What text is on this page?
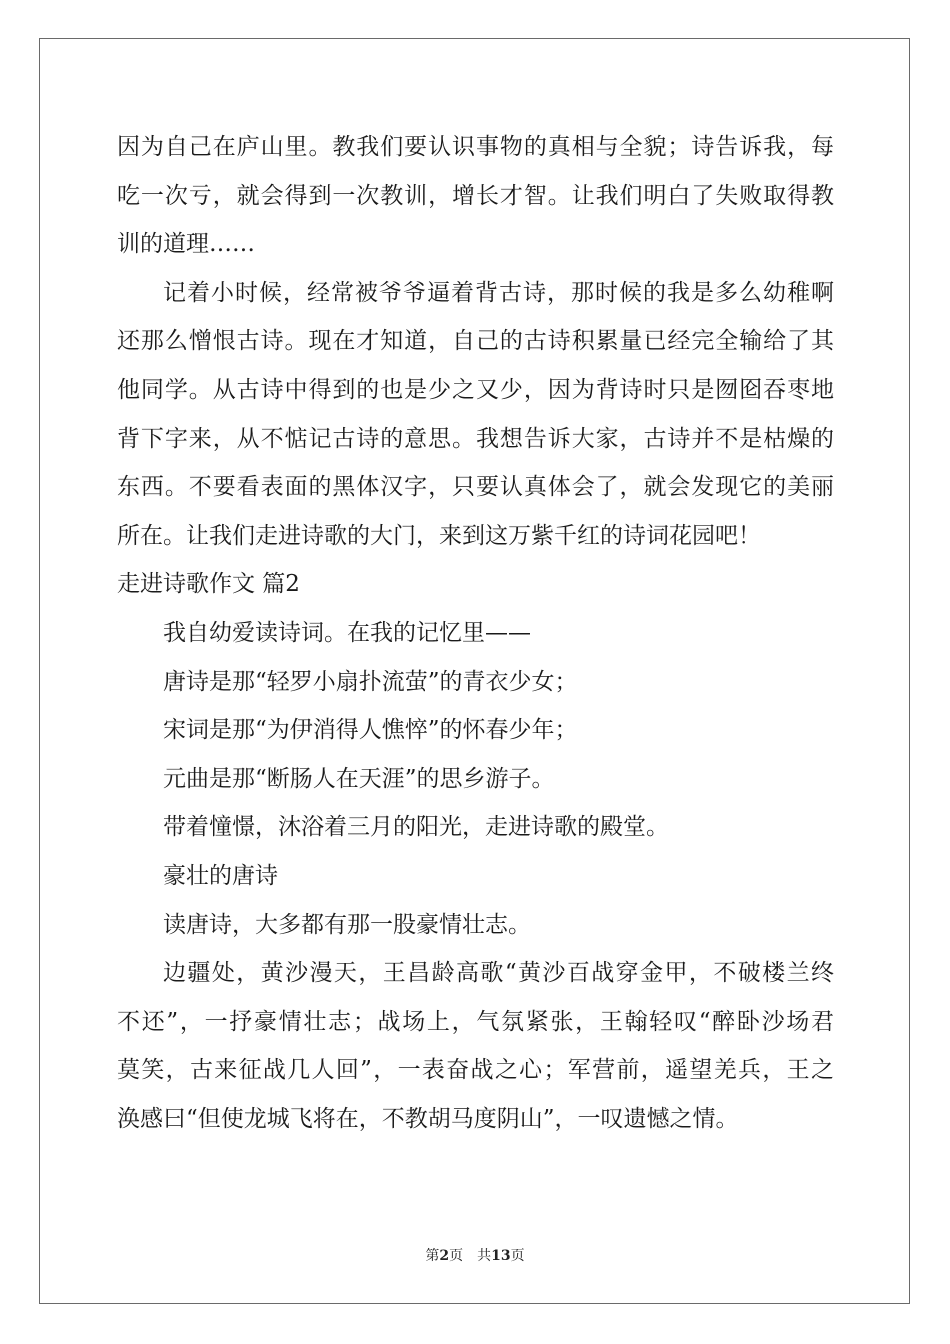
因为自己在庐山里。教我们要认识事物的真相与全貌；诗告诉我，每
吃一次亏，就会得到一次教训，增长才智。让我们明白了失败取得教
训的道理……
记着小时候，经常被爷爷逼着背古诗，那时候的我是多么幼稚啊
还那么憎恨古诗。现在才知道，自己的古诗积累量已经完全输给了其
他同学。从古诗中得到的也是少之又少，因为背诗时只是囫囵吞枣地
背下字来，从不惦记古诗的意思。我想告诉大家，古诗并不是枯燥的
东西。不要看表面的黑体汉字，只要认真体会了，就会发现它的美丽
所在。让我们走进诗歌的大门，来到这万紫千红的诗词花园吧！
走进诗歌作文 篇2
我自幼爱读诗词。在我的记忆里——
唐诗是那“轻罗小扇扑流萤”的青衣少女；
宋词是那“为伊消得人憔悴”的怀春少年；
元曲是那“断肠人在天涯”的思乡游子。
带着憧憬，沐浴着三月的阳光，走进诗歌的殿堂。
豪壮的唐诗
读唐诗，大多都有那一股豪情壮志。
边疆处，黄沙漫天，王昌龄高歌“黄沙百战穿金甲，不破楼兰终
不还”，一抒豪情壮志；战场上，气氛紧张，王翰轻叹“醉卧沙场君
莫笑，古来征战几人回”，一表奋战之心；军营前，遥望羌兵，王之
涣感曰“但使龙城飞将在，不教胡马度阴山”，一叹遗憾之情。
第2页 共13页
